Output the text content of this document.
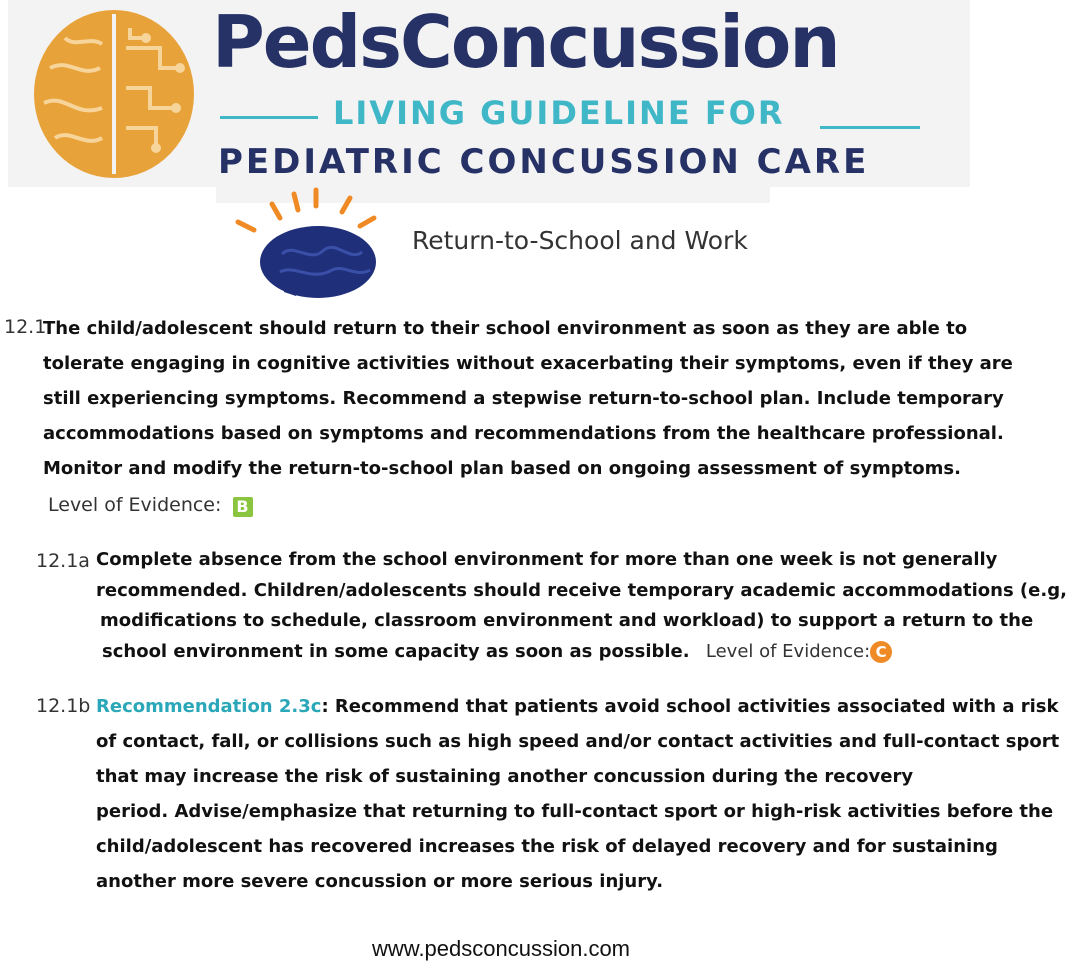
PedsConcussion
LIVING GUIDELINE FOR
PEDIATRIC CONCUSSION CARE
Return-to-School and Work
12.1
The child/adolescent should return to their school environment as soon as they are able to
tolerate engaging in cognitive activities without exacerbating their symptoms, even if they are
still experiencing symptoms. Recommend a stepwise return-to-school plan. Include temporary
accommodations based on symptoms and recommendations from the healthcare professional.
Monitor and modify the return-to-school plan based on ongoing assessment of symptoms.
Level of Evidence: B
12.1a Complete absence from the school environment for more than one week is not generally
recommended. Children/adolescents should receive temporary academic accommodations (e.g,
modifications to schedule, classroom environment and workload) to support a return to the
school environment in some capacity as soon as possible. Level of Evidence: C
12.1b Recommendation 2.3c: Recommend that patients avoid school activities associated with a risk
of contact, fall, or collisions such as high speed and/or contact activities and full-contact sport
that may increase the risk of sustaining another concussion during the recovery
period. Advise/emphasize that returning to full-contact sport or high-risk activities before the
child/adolescent has recovered increases the risk of delayed recovery and for sustaining
another more severe concussion or more serious injury.
www.pedsconcussion.com
